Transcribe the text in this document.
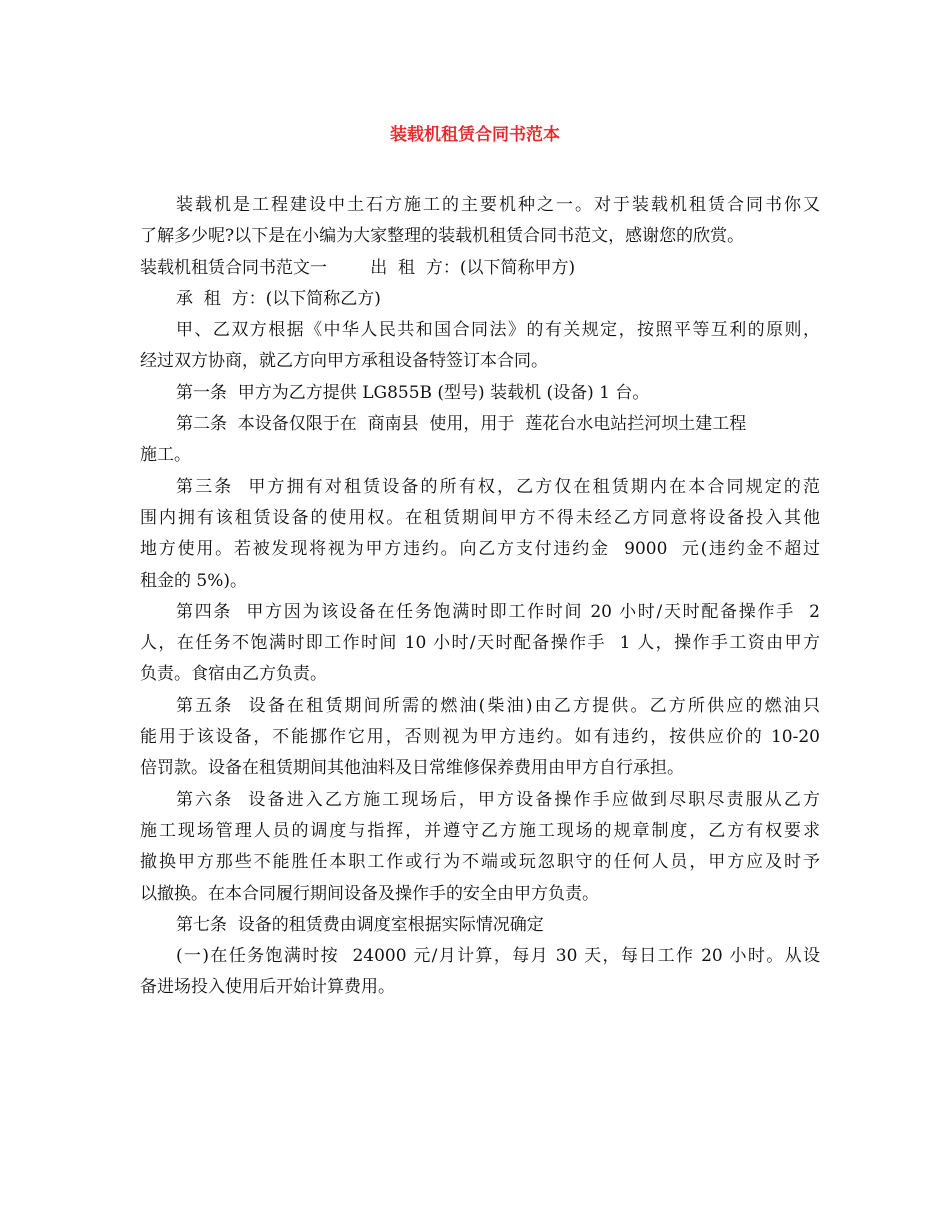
装载机租赁合同书范本
装载机是工程建设中土石方施工的主要机种之一。对于装载机租赁合同书你又
了解多少呢?以下是在小编为大家整理的装载机租赁合同书范文，感谢您的欣赏。
装载机租赁合同书范文一        出  租  方：(以下简称甲方)
承  租  方：(以下简称乙方)
甲、乙双方根据《中华人民共和国合同法》的有关规定，按照平等互利的原则，
经过双方协商，就乙方向甲方承租设备特签订本合同。
第一条  甲方为乙方提供 LG855B (型号) 装载机 (设备) 1 台。
第二条  本设备仅限于在  商南县  使用，用于  莲花台水电站拦河坝土建工程
施工。
第三条  甲方拥有对租赁设备的所有权，乙方仅在租赁期内在本合同规定的范
围内拥有该租赁设备的使用权。在租赁期间甲方不得未经乙方同意将设备投入其他
地方使用。若被发现将视为甲方违约。向乙方支付违约金  9000  元(违约金不超过
租金的 5%)。
第四条  甲方因为该设备在任务饱满时即工作时间 20 小时/天时配备操作手  2
人，在任务不饱满时即工作时间 10 小时/天时配备操作手  1 人，操作手工资由甲方
负责。食宿由乙方负责。
第五条  设备在租赁期间所需的燃油(柴油)由乙方提供。乙方所供应的燃油只
能用于该设备，不能挪作它用，否则视为甲方违约。如有违约，按供应价的 10-20
倍罚款。设备在租赁期间其他油料及日常维修保养费用由甲方自行承担。
第六条  设备进入乙方施工现场后，甲方设备操作手应做到尽职尽责服从乙方
施工现场管理人员的调度与指挥，并遵守乙方施工现场的规章制度，乙方有权要求
撤换甲方那些不能胜任本职工作或行为不端或玩忽职守的任何人员，甲方应及时予
以撤换。在本合同履行期间设备及操作手的安全由甲方负责。
第七条  设备的租赁费由调度室根据实际情况确定
(一)在任务饱满时按  24000 元/月计算，每月 30 天，每日工作 20 小时。从设
备进场投入使用后开始计算费用。
